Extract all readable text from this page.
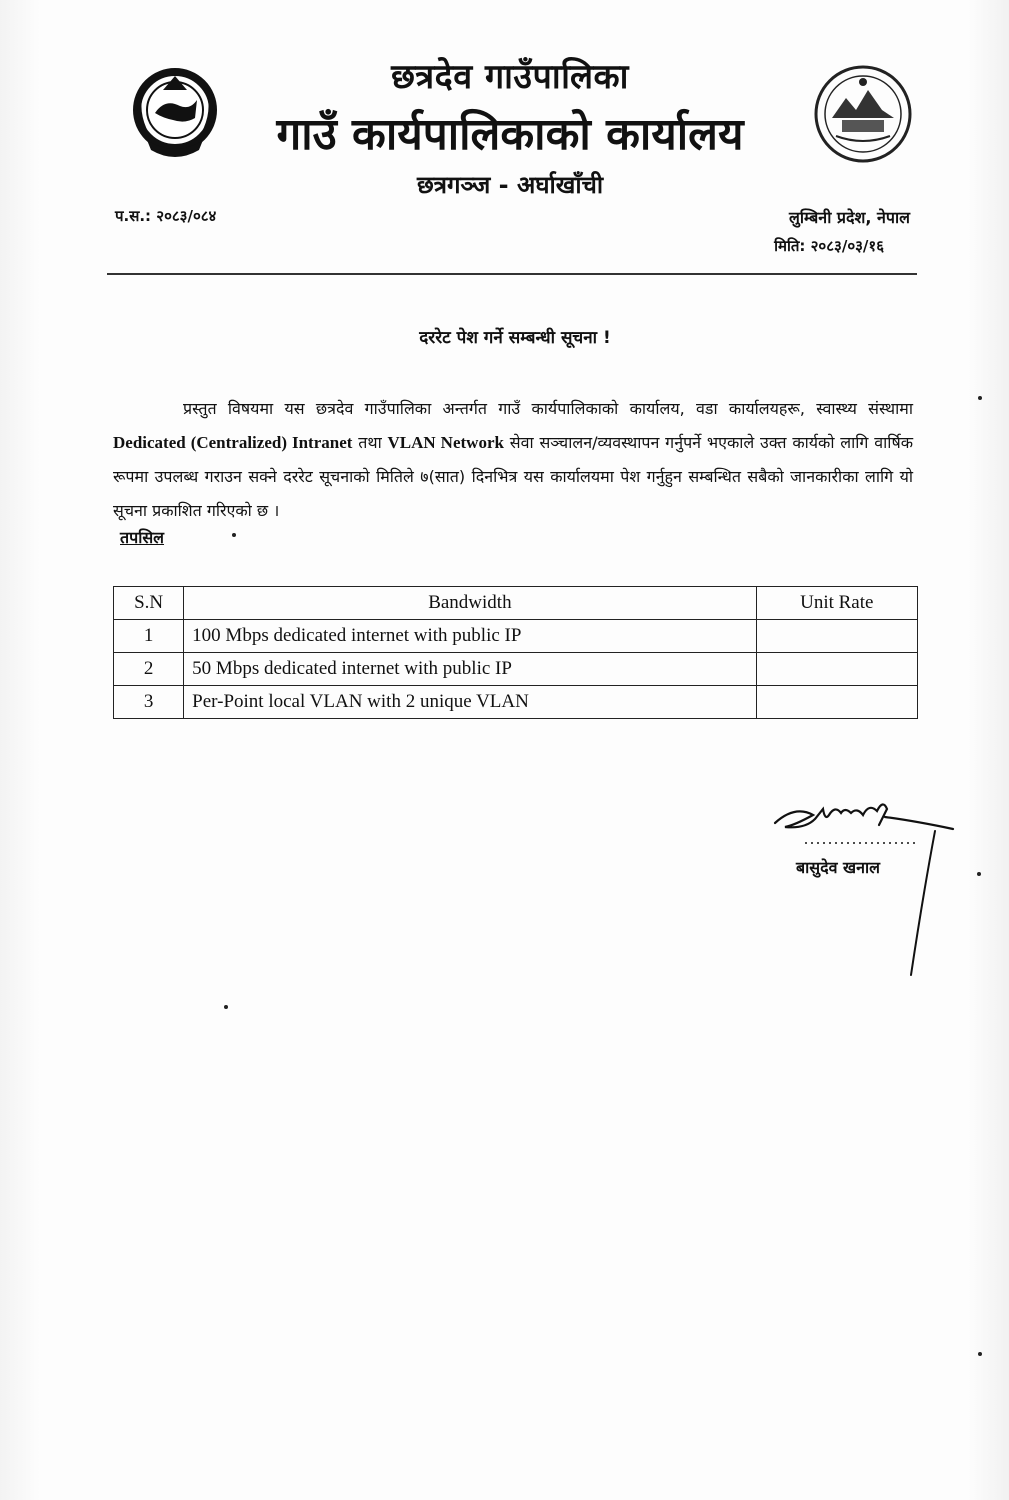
छत्रदेव गाउँपालिका
गाउँ कार्यपालिकाको कार्यालय
छत्रगञ्ज - अर्घाखाँची
प.स.: २०८३/०८४	लुम्बिनी प्रदेश, नेपाल
मिति: २०८३/०३/१६
दररेट पेश गर्ने सम्बन्धी सूचना !
प्रस्तुत विषयमा यस छत्रदेव गाउँपालिका अन्तर्गत गाउँ कार्यपालिकाको कार्यालय, वडा कार्यालयहरू, स्वास्थ्य संस्थामा Dedicated (Centralized) Intranet तथा VLAN Network सेवा सञ्चालन/व्यवस्थापन गर्नुपर्ने भएकाले उक्त कार्यको लागि वार्षिक रूपमा उपलब्ध गराउन सक्ने दररेट सूचनाको मितिले ७(सात) दिनभित्र यस कार्यालयमा पेश गर्नुहुन सम्बन्धित सबैको जानकारीका लागि यो सूचना प्रकाशित गरिएको छ ।
तपसिल
S.N	Bandwidth	Unit Rate
1	100 Mbps dedicated internet with public IP	
2	50 Mbps dedicated internet with public IP	
3	Per-Point local VLAN with 2 unique VLAN	
बासुदेव खनाल
